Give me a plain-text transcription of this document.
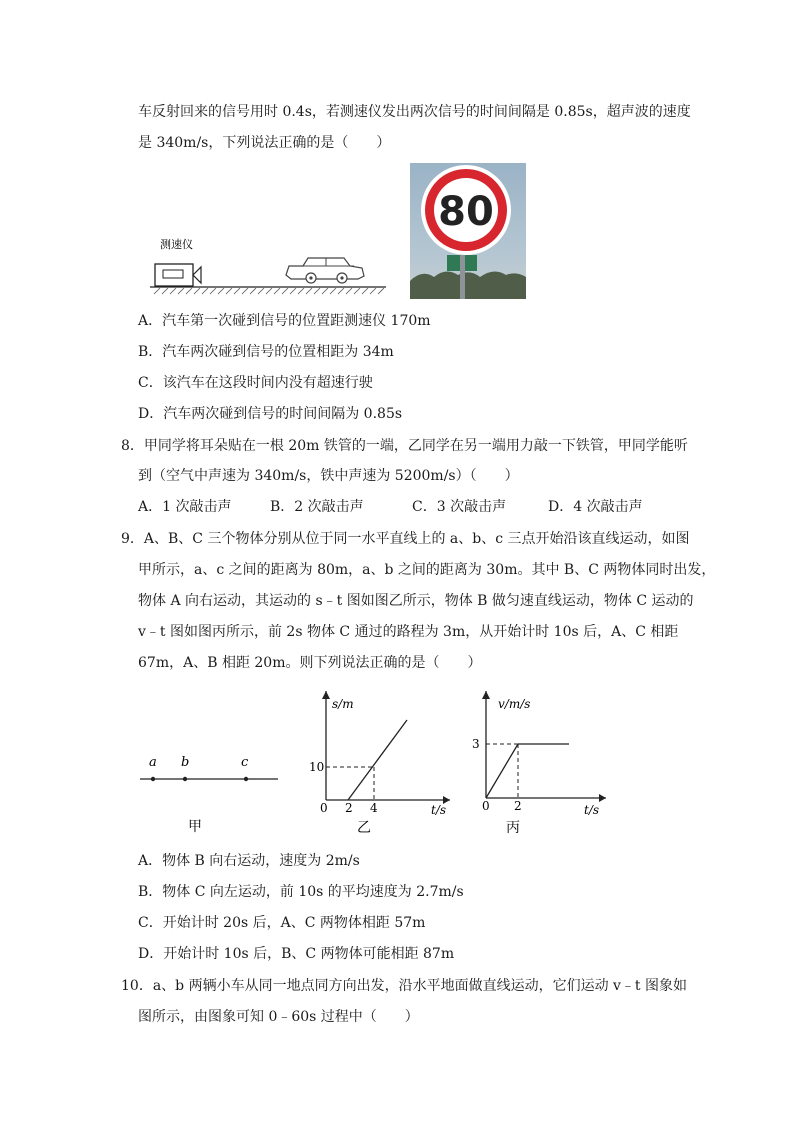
车反射回来的信号用时 0.4s，若测速仪发出两次信号的时间间隔是 0.85s，超声波的速度
是 340m/s，下列说法正确的是（　　）
测速仪
80
A．汽车第一次碰到信号的位置距测速仪 170m
B．汽车两次碰到信号的位置相距为 34m
C．该汽车在这段时间内没有超速行驶
D．汽车两次碰到信号的时间间隔为 0.85s
8．甲同学将耳朵贴在一根 20m 铁管的一端，乙同学在另一端用力敲一下铁管，甲同学能听
到（空气中声速为 340m/s，铁中声速为 5200m/s）（　　）
A．1 次敲击声	B．2 次敲击声	C．3 次敲击声	D．4 次敲击声
9．A、B、C 三个物体分别从位于同一水平直线上的 a、b、c 三点开始沿该直线运动，如图
甲所示，a、c 之间的距离为 80m，a、b 之间的距离为 30m。其中 B、C 两物体同时出发，
物体 A 向右运动，其运动的 s﹣t 图如图乙所示，物体 B 做匀速直线运动，物体 C 运动的
v﹣t 图如图丙所示，前 2s 物体 C 通过的路程为 3m，从开始计时 10s 后，A、C 相距
67m，A、B 相距 20m。则下列说法正确的是（　　）
a b	c
甲
s/m
10
0 2 4	t/s
乙
v/m/s
3
0 2	t/s
丙
A．物体 B 向右运动，速度为 2m/s
B．物体 C 向左运动，前 10s 的平均速度为 2.7m/s
C．开始计时 20s 后，A、C 两物体相距 57m
D．开始计时 10s 后，B、C 两物体可能相距 87m
10．a、b 两辆小车从同一地点同方向出发，沿水平地面做直线运动，它们运动 v﹣t 图象如
图所示，由图象可知 0﹣60s 过程中（　　）
